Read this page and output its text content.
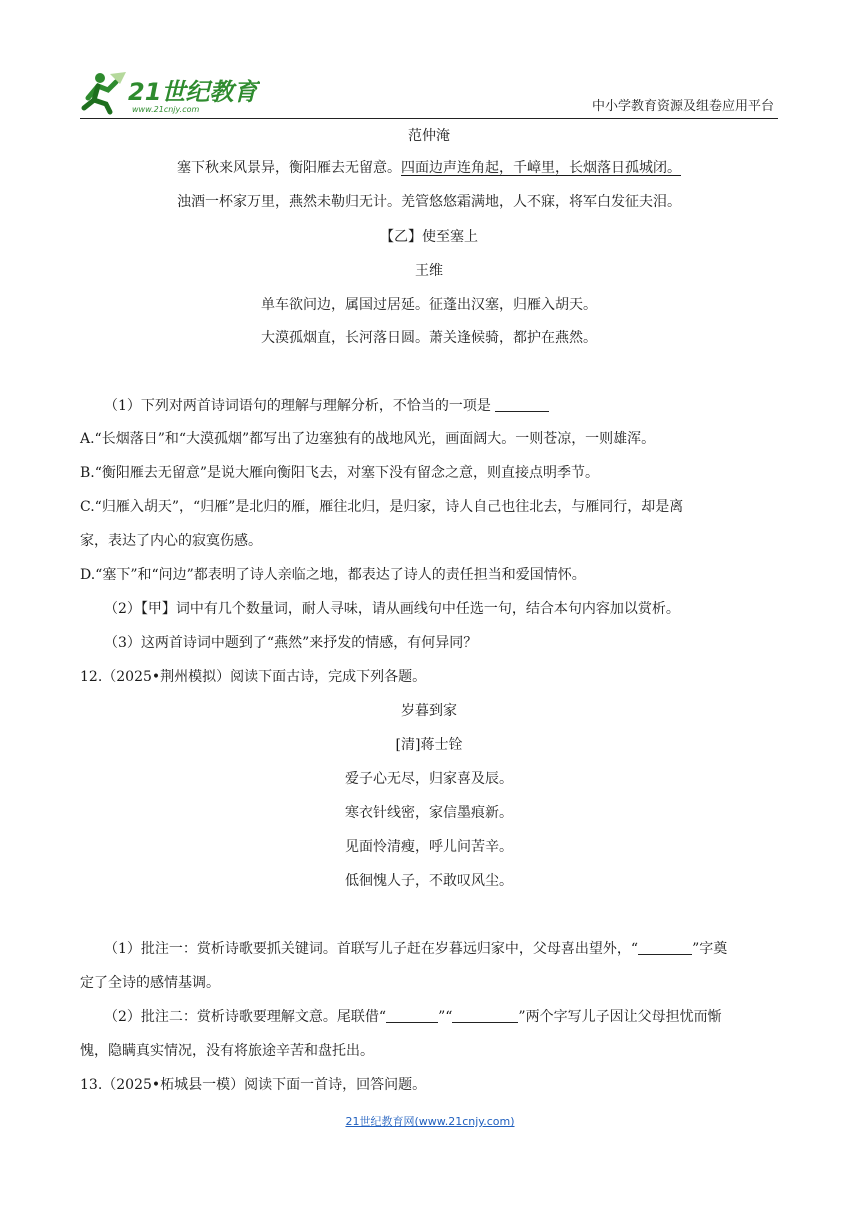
21世纪教育
www.21cnjy.com	中小学教育资源及组卷应用平台
范仲淹
塞下秋来风景异，衡阳雁去无留意。四面边声连角起，千嶂里，长烟落日孤城闭。
浊酒一杯家万里，燕然未勒归无计。羌管悠悠霜满地，人不寐，将军白发征夫泪。
【乙】使至塞上
王维
单车欲问边，属国过居延。征蓬出汉塞，归雁入胡天。
大漠孤烟直，长河落日圆。萧关逢候骑，都护在燕然。
（1）下列对两首诗词语句的理解与理解分析，不恰当的一项是
A.“长烟落日”和“大漠孤烟”都写出了边塞独有的战地风光，画面阔大。一则苍凉，一则雄浑。
B.“衡阳雁去无留意”是说大雁向衡阳飞去，对塞下没有留念之意，则直接点明季节。
C.“归雁入胡天”，“归雁”是北归的雁，雁往北归，是归家，诗人自己也往北去，与雁同行，却是离
家，表达了内心的寂寞伤感。
D.“塞下”和“问边”都表明了诗人亲临之地，都表达了诗人的责任担当和爱国情怀。
（2）【甲】词中有几个数量词，耐人寻味，请从画线句中任选一句，结合本句内容加以赏析。
（3）这两首诗词中题到了“燕然”来抒发的情感，有何异同？
12.（2025•荆州模拟）阅读下面古诗，完成下列各题。
岁暮到家
[清]蒋士铨
爱子心无尽，归家喜及辰。
寒衣针线密，家信墨痕新。
见面怜清瘦，呼儿问苦辛。
低徊愧人子，不敢叹风尘。
（1）批注一：赏析诗歌要抓关键词。首联写儿子赶在岁暮远归家中，父母喜出望外，“	”字奠
定了全诗的感情基调。
（2）批注二：赏析诗歌要理解文意。尾联借“	”“	”两个字写儿子因让父母担忧而惭
愧，隐瞒真实情况，没有将旅途辛苦和盘托出。
13.（2025•柘城县一模）阅读下面一首诗，回答问题。
21世纪教育网(www.21cnjy.com)
